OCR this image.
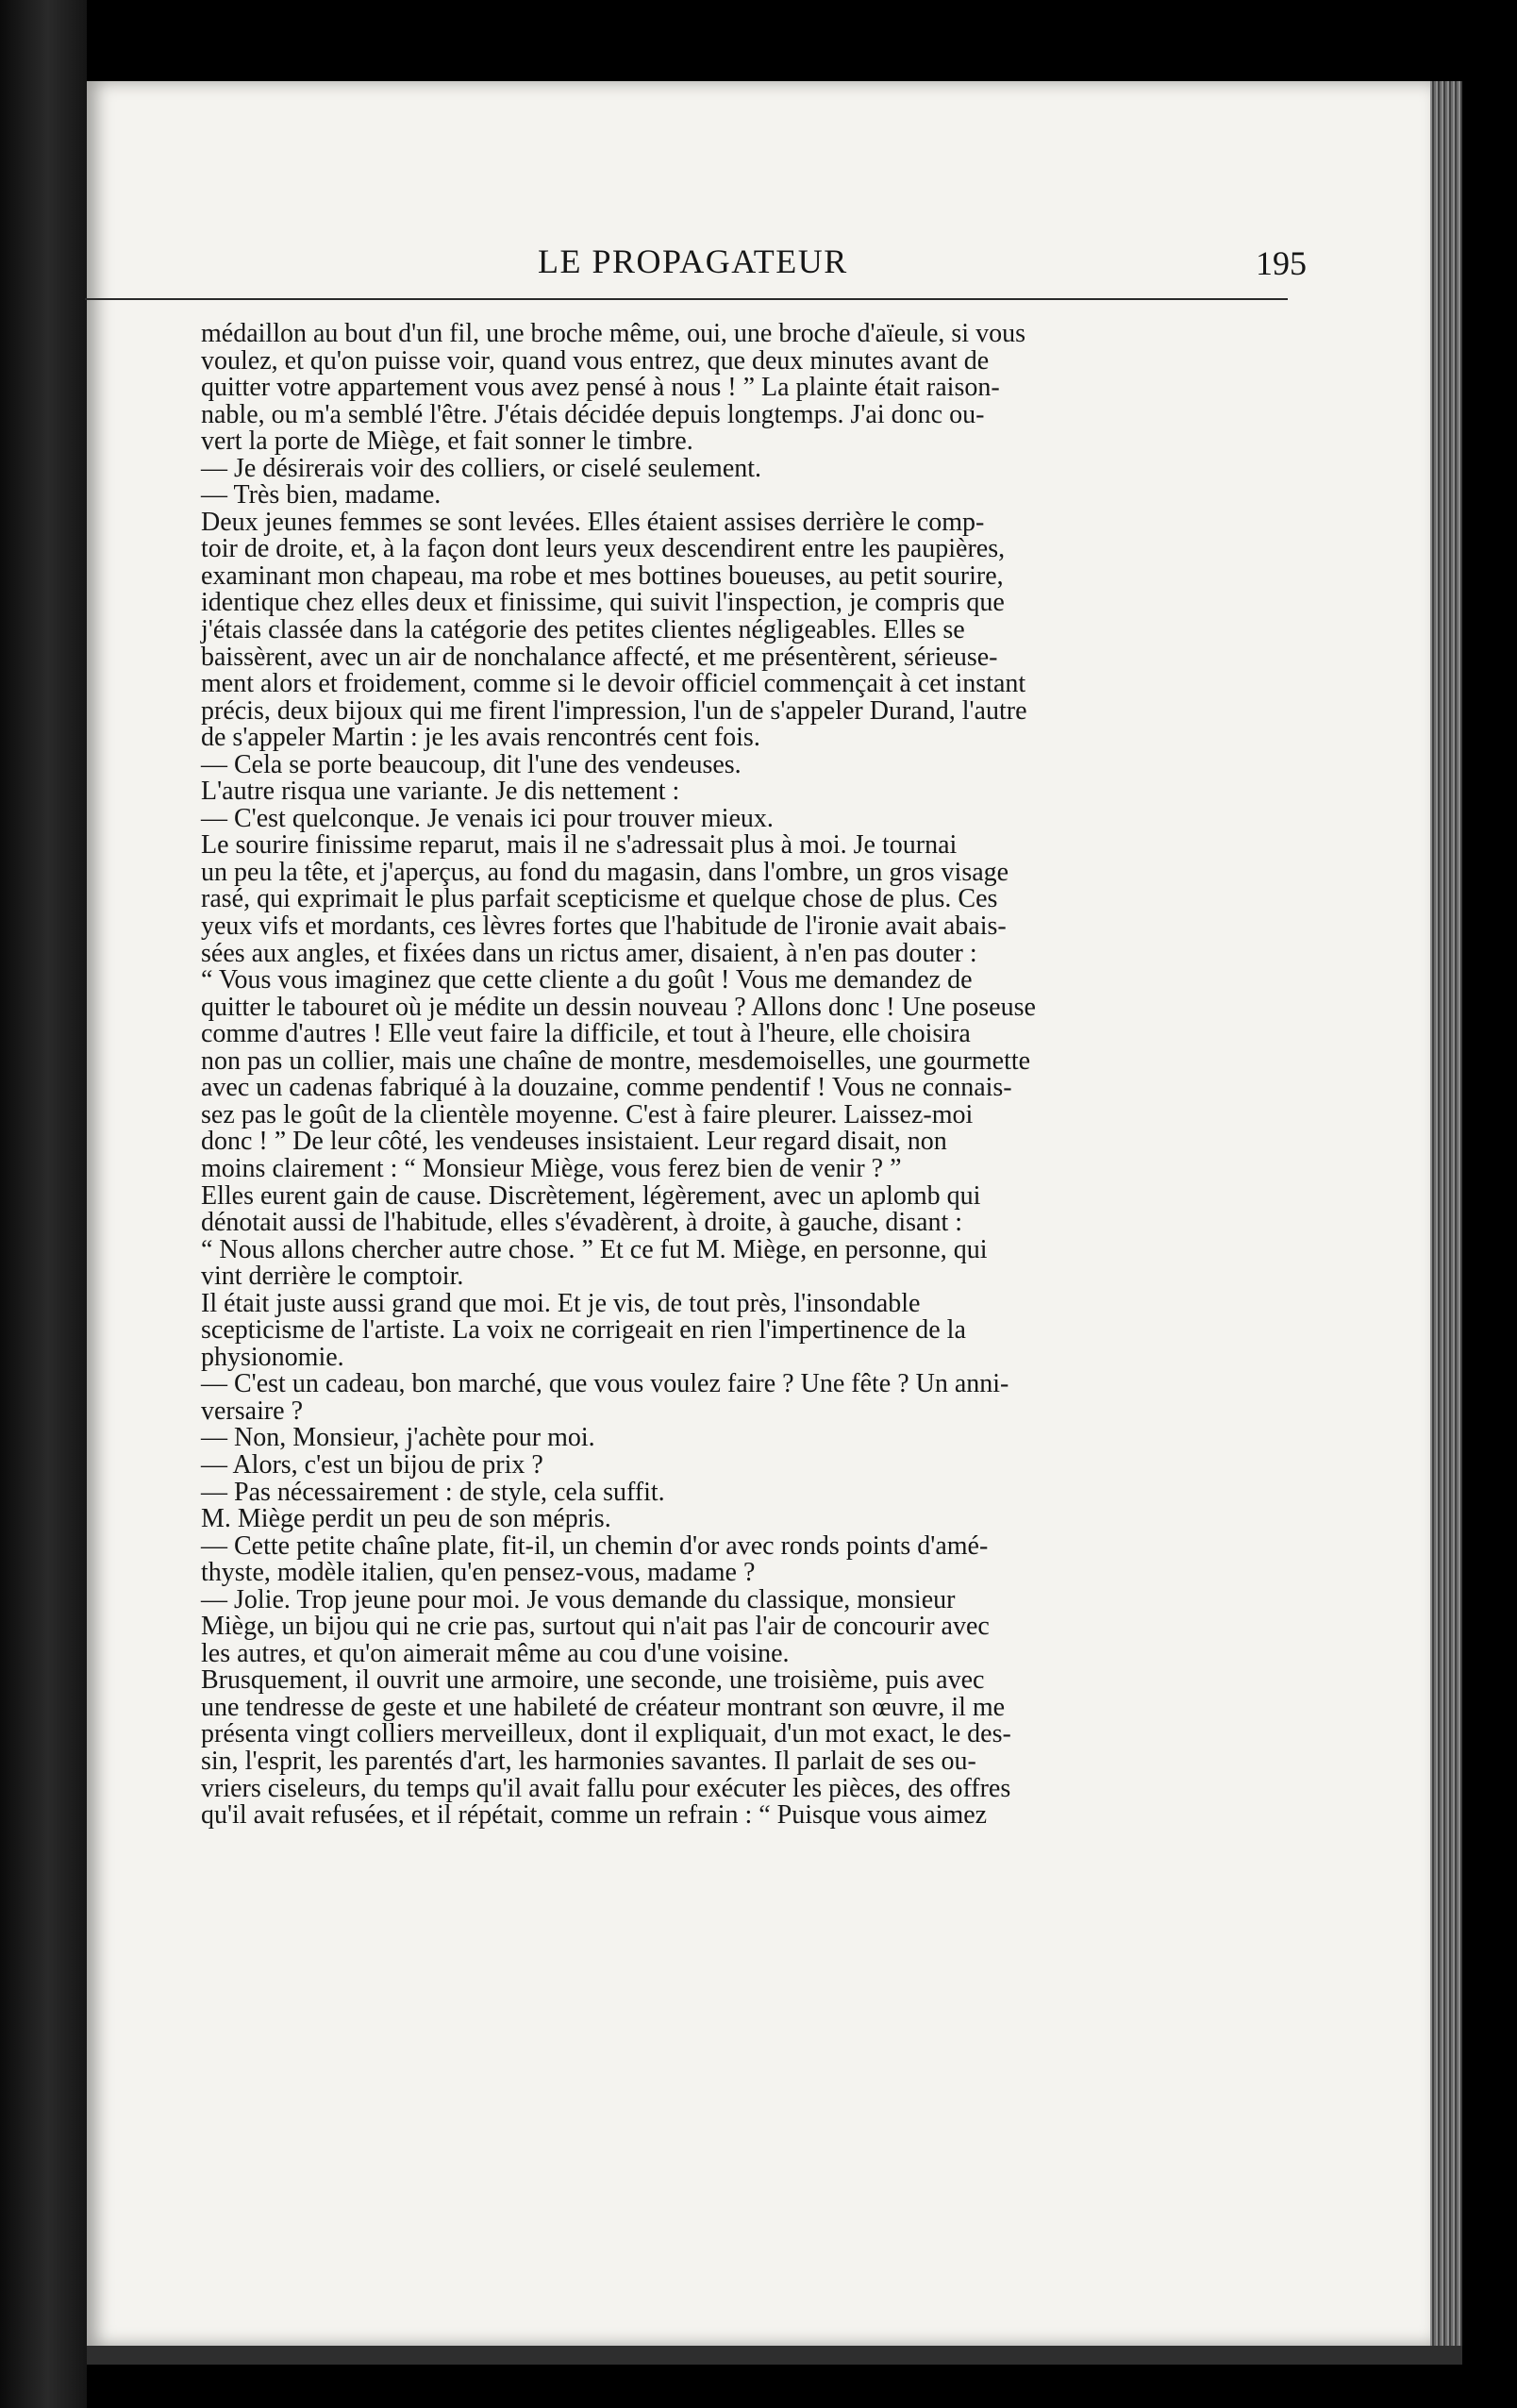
LE PROPAGATEUR	195

médaillon au bout d'un fil, une broche même, oui, une broche d'aïeule, si vous
voulez, et qu'on puisse voir, quand vous entrez, que deux minutes avant de
quitter votre appartement vous avez pensé à nous ! ” La plainte était raison-
nable, ou m'a semblé l'être. J'étais décidée depuis longtemps. J'ai donc ou-
vert la porte de Miège, et fait sonner le timbre.

— Je désirerais voir des colliers, or ciselé seulement.

— Très bien, madame.

Deux jeunes femmes se sont levées. Elles étaient assises derrière le comp-
toir de droite, et, à la façon dont leurs yeux descendirent entre les paupières,
examinant mon chapeau, ma robe et mes bottines boueuses, au petit sourire,
identique chez elles deux et finissime, qui suivit l'inspection, je compris que
j'étais classée dans la catégorie des petites clientes négligeables. Elles se
baissèrent, avec un air de nonchalance affecté, et me présentèrent, sérieuse-
ment alors et froidement, comme si le devoir officiel commençait à cet instant
précis, deux bijoux qui me firent l'impression, l'un de s'appeler Durand, l'autre
de s'appeler Martin : je les avais rencontrés cent fois.

— Cela se porte beaucoup, dit l'une des vendeuses.

L'autre risqua une variante. Je dis nettement :

— C'est quelconque. Je venais ici pour trouver mieux.

Le sourire finissime reparut, mais il ne s'adressait plus à moi. Je tournai
un peu la tête, et j'aperçus, au fond du magasin, dans l'ombre, un gros visage
rasé, qui exprimait le plus parfait scepticisme et quelque chose de plus. Ces
yeux vifs et mordants, ces lèvres fortes que l'habitude de l'ironie avait abais-
sées aux angles, et fixées dans un rictus amer, disaient, à n'en pas douter :
“ Vous vous imaginez que cette cliente a du goût ! Vous me demandez de
quitter le tabouret où je médite un dessin nouveau ? Allons donc ! Une poseuse
comme d'autres ! Elle veut faire la difficile, et tout à l'heure, elle choisira
non pas un collier, mais une chaîne de montre, mesdemoiselles, une gourmette
avec un cadenas fabriqué à la douzaine, comme pendentif ! Vous ne connais-
sez pas le goût de la clientèle moyenne. C'est à faire pleurer. Laissez-moi
donc ! ” De leur côté, les vendeuses insistaient. Leur regard disait, non
moins clairement : “ Monsieur Miège, vous ferez bien de venir ? ”

Elles eurent gain de cause. Discrètement, légèrement, avec un aplomb qui
dénotait aussi de l'habitude, elles s'évadèrent, à droite, à gauche, disant :
“ Nous allons chercher autre chose. ” Et ce fut M. Miège, en personne, qui
vint derrière le comptoir.

Il était juste aussi grand que moi. Et je vis, de tout près, l'insondable
scepticisme de l'artiste. La voix ne corrigeait en rien l'impertinence de la
physionomie.

— C'est un cadeau, bon marché, que vous voulez faire ? Une fête ? Un anni-
versaire ?

— Non, Monsieur, j'achète pour moi.

— Alors, c'est un bijou de prix ?

— Pas nécessairement : de style, cela suffit.

M. Miège perdit un peu de son mépris.

— Cette petite chaîne plate, fit-il, un chemin d'or avec ronds points d'amé-
thyste, modèle italien, qu'en pensez-vous, madame ?

— Jolie. Trop jeune pour moi. Je vous demande du classique, monsieur
Miège, un bijou qui ne crie pas, surtout qui n'ait pas l'air de concourir avec
les autres, et qu'on aimerait même au cou d'une voisine.

Brusquement, il ouvrit une armoire, une seconde, une troisième, puis avec
une tendresse de geste et une habileté de créateur montrant son œuvre, il me
présenta vingt colliers merveilleux, dont il expliquait, d'un mot exact, le des-
sin, l'esprit, les parentés d'art, les harmonies savantes. Il parlait de ses ou-
vriers ciseleurs, du temps qu'il avait fallu pour exécuter les pièces, des offres
qu'il avait refusées, et il répétait, comme un refrain : “ Puisque vous aimez
